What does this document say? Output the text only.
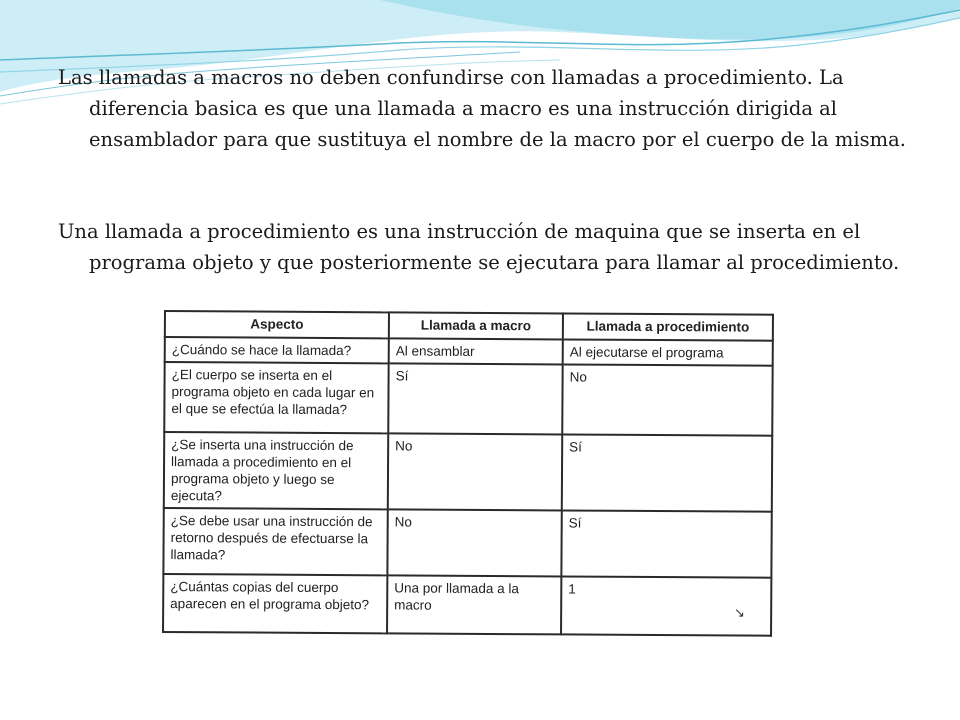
Las llamadas a macros no deben confundirse con llamadas a procedimiento. La diferencia basica es que una llamada a macro es una instrucción dirigida al ensamblador para que sustituya el nombre de la macro por el cuerpo de la misma.

Una llamada a procedimiento es una instrucción de maquina que se inserta en el programa objeto y que posteriormente se ejecutara para llamar al procedimiento.

Aspecto	Llamada a macro	Llamada a procedimiento
¿Cuándo se hace la llamada?	Al ensamblar	Al ejecutarse el programa
¿El cuerpo se inserta en el programa objeto en cada lugar en el que se efectúa la llamada?	Sí	No
¿Se inserta una instrucción de llamada a procedimiento en el programa objeto y luego se ejecuta?	No	Sí
¿Se debe usar una instrucción de retorno después de efectuarse la llamada?	No	Sí
¿Cuántas copias del cuerpo aparecen en el programa objeto?	Una por llamada a la macro	1
↘
